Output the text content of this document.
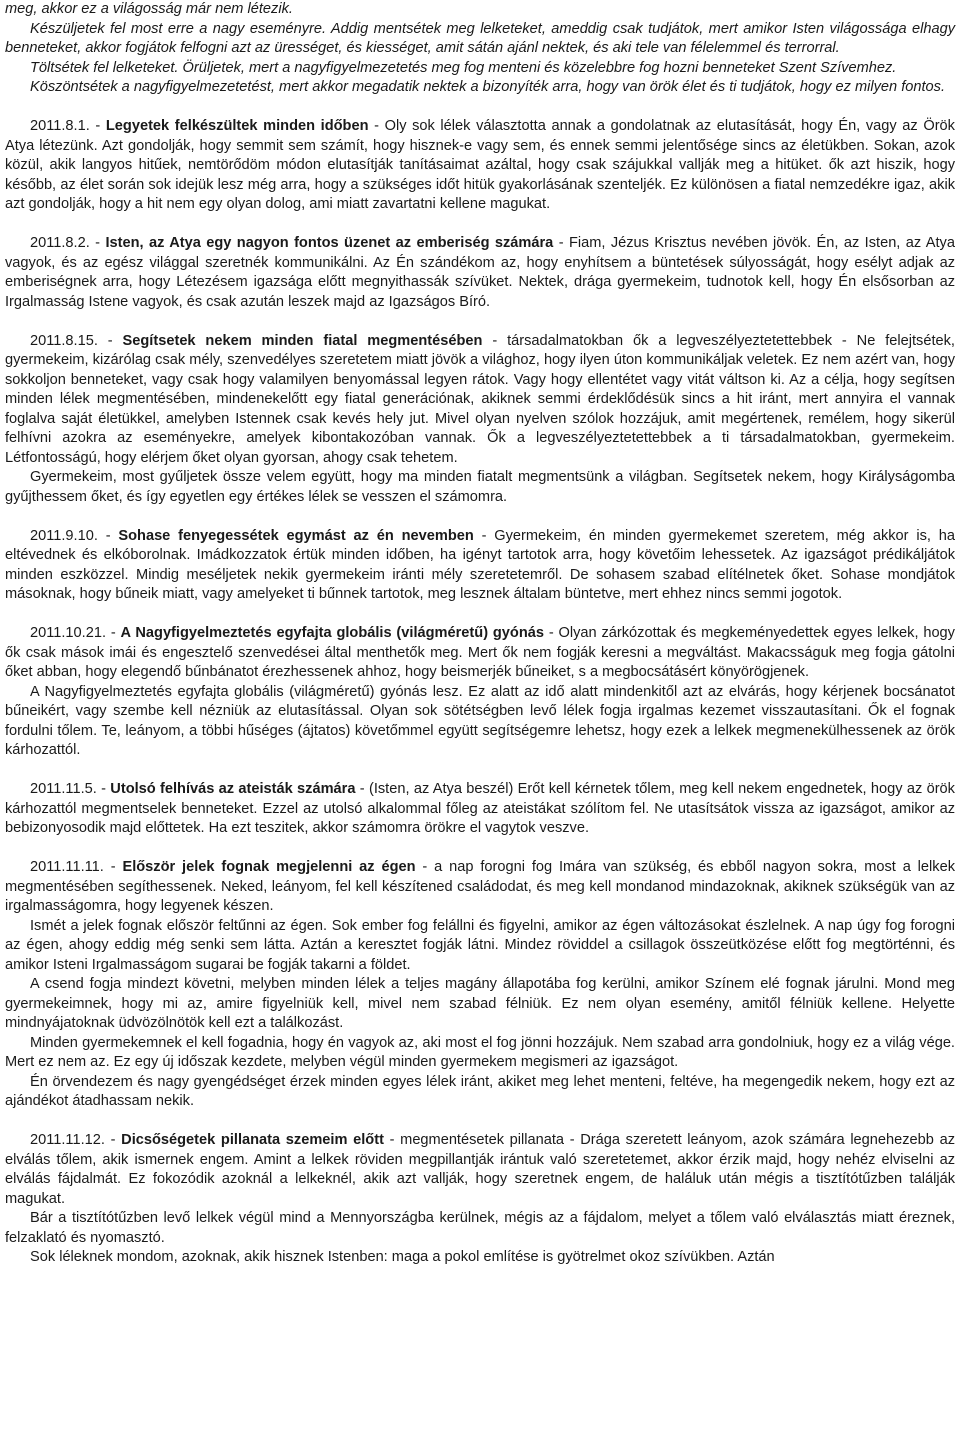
meg, akkor ez a világosság már nem létezik.

Készüljetek fel most erre a nagy eseményre. Addig mentsétek meg lelketeket, ameddig csak tudjátok, mert amikor Isten világossága elhagy benneteket, akkor fogjátok felfogni azt az ürességet, és kiességet, amit sátán ajánl nektek, és aki tele van félelemmel és terrorral.

Töltsétek fel lelketeket. Örüljetek, mert a nagyfigyelmezetetés meg fog menteni és közelebbre fog hozni benneteket Szent Szívemhez.

Köszöntsétek a nagyfigyelmezetetést, mert akkor megadatik nektek a bizonyíték arra, hogy van örök élet és ti tudjátok, hogy ez milyen fontos.

2011.8.1. - Legyetek felkészültek minden időben - Oly sok lélek választotta annak a gondolatnak az elutasítását, hogy Én, vagy az Örök Atya létezünk. Azt gondolják, hogy semmit sem számít, hogy hisznek-e vagy sem, és ennek semmi jelentősége sincs az életükben. Sokan, azok közül, akik langyos hitűek, nemtörődöm módon elutasítják tanításaimat azáltal, hogy csak szájukkal vallják meg a hitüket. ők azt hiszik, hogy később, az élet során sok idejük lesz még arra, hogy a szükséges időt hitük gyakorlásának szenteljék. Ez különösen a fiatal nemzedékre igaz, akik azt gondolják, hogy a hit nem egy olyan dolog, ami miatt zavartatni kellene magukat.

2011.8.2. - Isten, az Atya egy nagyon fontos üzenet az emberiség számára - Fiam, Jézus Krisztus nevében jövök. Én, az Isten, az Atya vagyok, és az egész világgal szeretnék kommunikálni. Az Én szándékom az, hogy enyhítsem a büntetések súlyosságát, hogy esélyt adjak az emberiségnek arra, hogy Létezésem igazsága előtt megnyithassák szívüket. Nektek, drága gyermekeim, tudnotok kell, hogy Én elsősorban az Irgalmasság Istene vagyok, és csak azután leszek majd az Igazságos Bíró.

2011.8.15. - Segítsetek nekem minden fiatal megmentésében - társadalmatokban ők a legveszélyeztetettebbek - Ne felejtsétek, gyermekeim, kizárólag csak mély, szenvedélyes szeretetem miatt jövök a világhoz, hogy ilyen úton kommunikáljak veletek. Ez nem azért van, hogy sokkoljon benneteket, vagy csak hogy valamilyen benyomással legyen rátok. Vagy hogy ellentétet vagy vitát váltson ki. Az a célja, hogy segítsen minden lélek megmentésében, mindenekelőtt egy fiatal generációnak, akiknek semmi érdeklődésük sincs a hit iránt, mert annyira el vannak foglalva saját életükkel, amelyben Istennek csak kevés hely jut. Mivel olyan nyelven szólok hozzájuk, amit megértenek, remélem, hogy sikerül felhívni azokra az eseményekre, amelyek kibontakozóban vannak. Ők a legveszélyeztetettebbek a ti társadalmatokban, gyermekeim. Létfontosságú, hogy elérjem őket olyan gyorsan, ahogy csak tehetem.

Gyermekeim, most gyűljetek össze velem együtt, hogy ma minden fiatalt megmentsünk a világban. Segítsetek nekem, hogy Királyságomba gyűjthessem őket, és így egyetlen egy értékes lélek se vesszen el számomra.

2011.9.10. - Sohase fenyegessétek egymást az én nevemben - Gyermekeim, én minden gyermekemet szeretem, még akkor is, ha eltévednek és elkóborolnak. Imádkozzatok értük minden időben, ha igényt tartotok arra, hogy követőim lehessetek. Az igazságot prédikáljátok minden eszközzel. Mindig meséljetek nekik gyermekeim iránti mély szeretetemről. De sohasem szabad elítélnetek őket. Sohase mondjátok másoknak, hogy bűneik miatt, vagy amelyeket ti bűnnek tartotok, meg lesznek általam büntetve, mert ehhez nincs semmi jogotok.

2011.10.21. - A Nagyfigyelmeztetés egyfajta globális (világméretű) gyónás - Olyan zárkózottak és megkeményedettek egyes lelkek, hogy ők csak mások imái és engesztelő szenvedései által menthetők meg. Mert ők nem fogják keresni a megváltást. Makacsságuk meg fogja gátolni őket abban, hogy elegendő bűnbánatot érezhessenek ahhoz, hogy beismerjék bűneiket, s a megbocsátásért könyörögjenek.

A Nagyfigyelmeztetés egyfajta globális (világméretű) gyónás lesz. Ez alatt az idő alatt mindenkitől azt az elvárás, hogy kérjenek bocsánatot bűneikért, vagy szembe kell nézniük az elutasítással. Olyan sok sötétségben levő lélek fogja irgalmas kezemet visszautasítani. Ők el fognak fordulni tőlem. Te, leányom, a többi hűséges (ájtatos) követőmmel együtt segítségemre lehetsz, hogy ezek a lelkek megmenekülhessenek az örök kárhozattól.

2011.11.5. - Utolsó felhívás az ateisták számára - (Isten, az Atya beszél) Erőt kell kérnetek tőlem, meg kell nekem engednetek, hogy az örök kárhozattól megmentselek benneteket. Ezzel az utolsó alkalommal főleg az ateistákat szólítom fel. Ne utasítsátok vissza az igazságot, amikor az bebizonyosodik majd előttetek. Ha ezt teszitek, akkor számomra örökre el vagytok veszve.

2011.11.11. - Először jelek fognak megjelenni az égen - a nap forogni fog Imára van szükség, és ebből nagyon sokra, most a lelkek megmentésében segíthessenek. Neked, leányom, fel kell készítened családodat, és meg kell mondanod mindazoknak, akiknek szükségük van az irgalmasságomra, hogy legyenek készen.

Ismét a jelek fognak először feltűnni az égen. Sok ember fog felállni és figyelni, amikor az égen változásokat észlelnek. A nap úgy fog forogni az égen, ahogy eddig még senki sem látta. Aztán a keresztet fogják látni. Mindez röviddel a csillagok összeütközése előtt fog megtörténni, és amikor Isteni Irgalmasságom sugarai be fogják takarni a földet.

A csend fogja mindezt követni, melyben minden lélek a teljes magány állapotába fog kerülni, amikor Színem elé fognak járulni. Mond meg gyermekeimnek, hogy mi az, amire figyelniük kell, mivel nem szabad félniük. Ez nem olyan esemény, amitől félniük kellene. Helyette mindnyájatoknak üdvözölnötök kell ezt a találkozást.

Minden gyermekemnek el kell fogadnia, hogy én vagyok az, aki most el fog jönni hozzájuk. Nem szabad arra gondolniuk, hogy ez a világ vége. Mert ez nem az. Ez egy új időszak kezdete, melyben végül minden gyermekem megismeri az igazságot.

Én örvendezem és nagy gyengédséget érzek minden egyes lélek iránt, akiket meg lehet menteni, feltéve, ha megengedik nekem, hogy ezt az ajándékot átadhassam nekik.

2011.11.12. - Dicsőségetek pillanata szemeim előtt - megmentésetek pillanata - Drága szeretett leányom, azok számára legnehezebb az elválás tőlem, akik ismernek engem. Amint a lelkek röviden megpillantják irántuk való szeretetemet, akkor érzik majd, hogy nehéz elviselni az elválás fájdalmát. Ez fokozódik azoknál a lelkeknél, akik azt vallják, hogy szeretnek engem, de haláluk után mégis a tisztítótűzben találják magukat.

Bár a tisztítótűzben levő lelkek végül mind a Mennyországba kerülnek, mégis az a fájdalom, melyet a tőlem való elválasztás miatt éreznek, felzaklató és nyomasztó.

Sok léleknek mondom, azoknak, akik hisznek Istenben: maga a pokol említése is gyötrelmet okoz szívükben. Aztán
